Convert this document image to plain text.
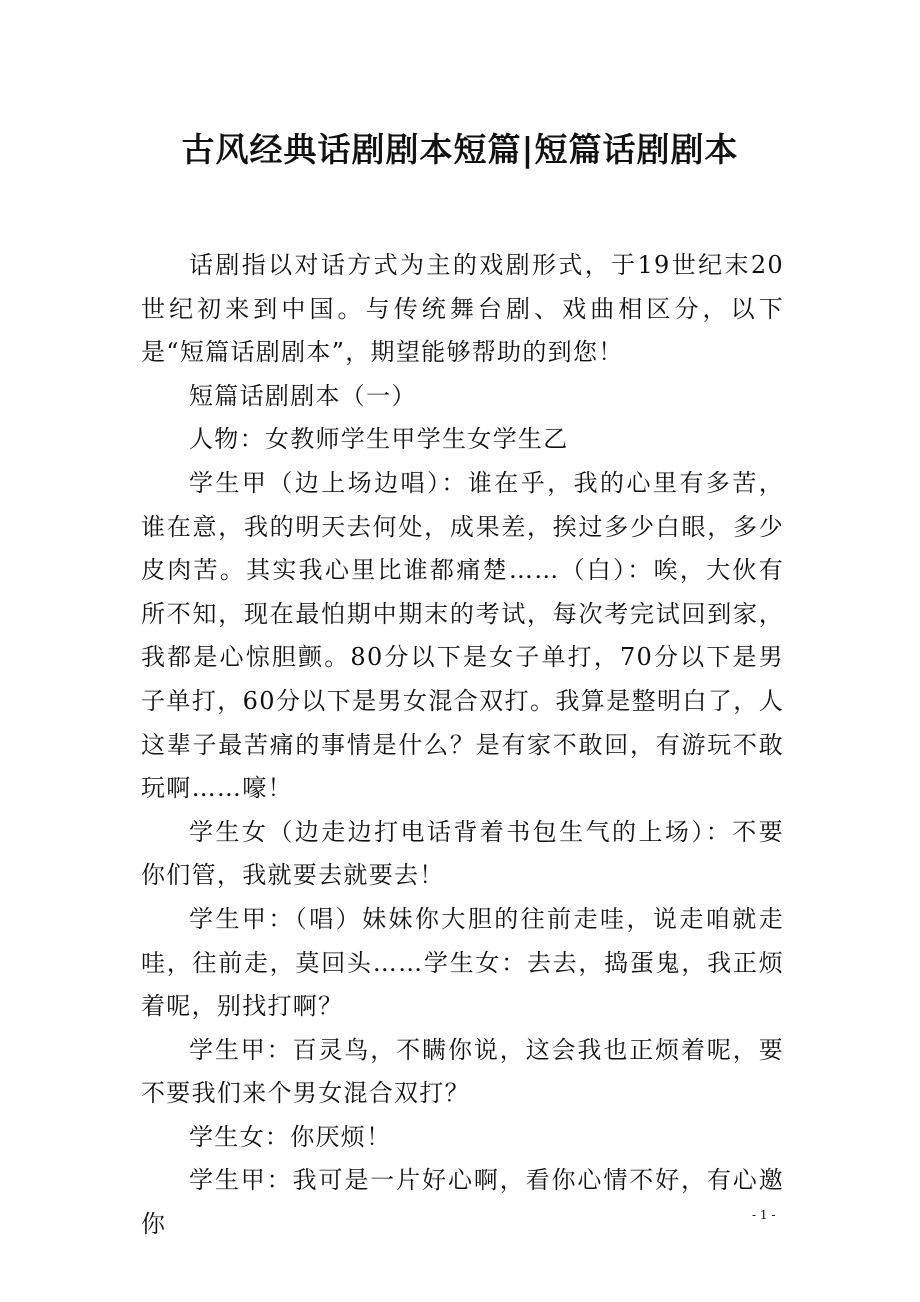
古风经典话剧剧本短篇|短篇话剧剧本

话剧指以对话方式为主的戏剧形式，于19世纪末20世纪初来到中国。与传统舞台剧、戏曲相区分，以下是“短篇话剧剧本”，期望能够帮助的到您！

短篇话剧剧本（一）

人物：女教师学生甲学生女学生乙

学生甲（边上场边唱）：谁在乎，我的心里有多苦，谁在意，我的明天去何处，成果差，挨过多少白眼，多少皮肉苦。其实我心里比谁都痛楚……（白）：唉，大伙有所不知，现在最怕期中期末的考试，每次考完试回到家，我都是心惊胆颤。80分以下是女子单打，70分以下是男子单打，60分以下是男女混合双打。我算是整明白了，人这辈子最苦痛的事情是什么？是有家不敢回，有游玩不敢玩啊……嚎！

学生女（边走边打电话背着书包生气的上场）：不要你们管，我就要去就要去！

学生甲：（唱）妹妹你大胆的往前走哇，说走咱就走哇，往前走，莫回头……学生女：去去，捣蛋鬼，我正烦着呢，别找打啊？

学生甲：百灵鸟，不瞒你说，这会我也正烦着呢，要不要我们来个男女混合双打？

学生女：你厌烦！

学生甲：我可是一片好心啊，看你心情不好，有心邀你	- 1 -
